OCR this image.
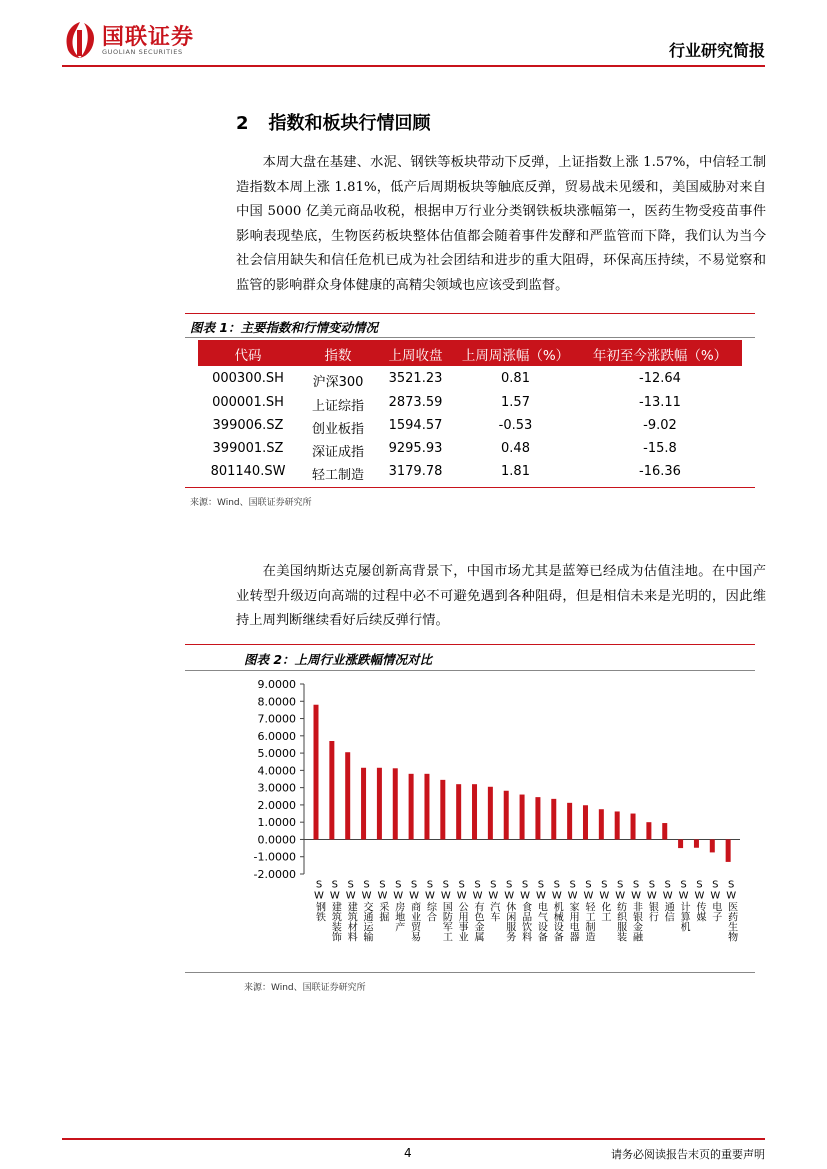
国联证券
GUOLIAN SECURITIES	行业研究简报
2 指数和板块行情回顾

本周大盘在基建、水泥、钢铁等板块带动下反弹，上证指数上涨 1.57%，中信轻工制造指数本周上涨 1.81%，低产后周期板块等触底反弹，贸易战未见缓和，美国威胁对来自中国 5000 亿美元商品收税，根据申万行业分类钢铁板块涨幅第一，医药生物受疫苗事件影响表现垫底，生物医药板块整体估值都会随着事件发酵和严监管而下降，我们认为当今社会信用缺失和信任危机已成为社会团结和进步的重大阻碍，环保高压持续，不易觉察和监管的影响群众身体健康的高精尖领域也应该受到监督。

图表 1：主要指数和行情变动情况
代码	指数	上周收盘	上周周涨幅（%）	年初至今涨跌幅（%）
000300.SH	沪深300	3521.23	0.81	-12.64
000001.SH	上证综指	2873.59	1.57	-13.11
399006.SZ	创业板指	1594.57	-0.53	-9.02
399001.SZ	深证成指	9295.93	0.48	-15.8
801140.SW	轻工制造	3179.78	1.81	-16.36
来源：Wind、国联证券研究所

在美国纳斯达克屡创新高背景下，中国市场尤其是蓝筹已经成为估值洼地。在中国产业转型升级迈向高端的过程中必不可避免遇到各种阻碍，但是相信未来是光明的，因此维持上周判断继续看好后续反弹行情。

图表 2：上周行业涨跌幅情况对比
9.0000
8.0000
7.0000
6.0000
5.0000
4.0000
3.0000
2.0000
1.0000
0.0000
-1.0000
-2.0000
SW钢铁 SW建筑装饰 SW建筑材料 SW交通运输 SW采掘 SW房地产 SW商业贸易 SW综合 SW国防军工 SW公用事业 SW有色金属 SW汽车 SW休闲服务 SW食品饮料 SW电气设备 SW机械设备 SW家用电器 SW轻工制造 SW化工 SW纺织服装 SW非银金融 SW银行 SW通信 SW计算机 SW传媒 SW电子 SW医药生物
来源：Wind、国联证券研究所
4	请务必阅读报告末页的重要声明
